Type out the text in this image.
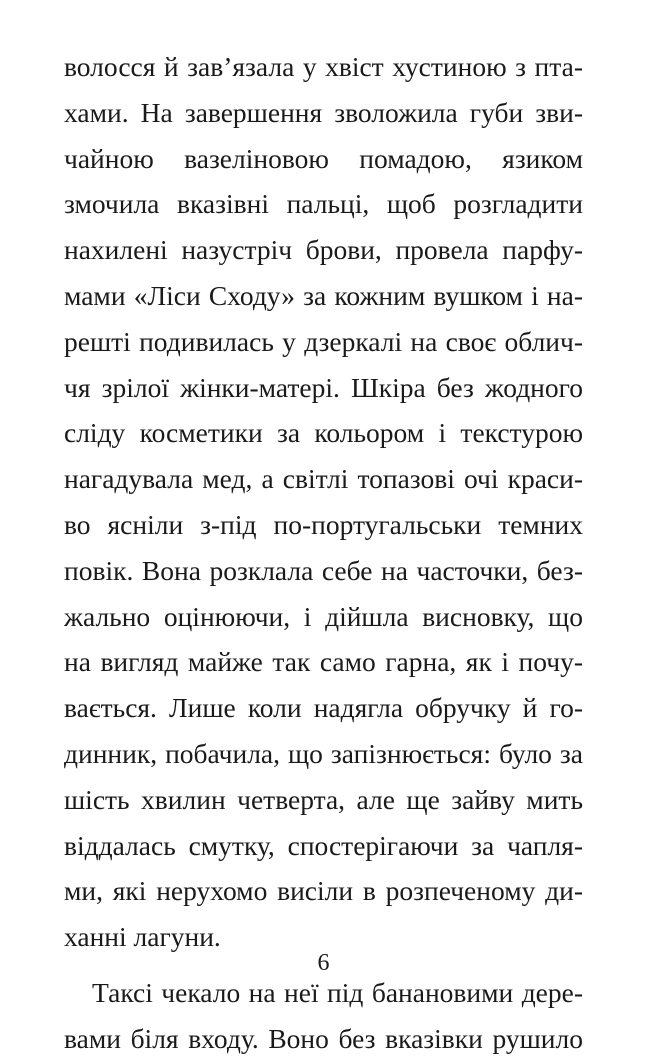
волосся й зав’язала у хвіст хустиною з пта-
хами. На завершення зволожила губи зви-
чайною вазеліновою помадою, язиком
змочила вказівні пальці, щоб розгладити
нахилені назустріч брови, провела парфу-
мами «Ліси Сходу» за кожним вушком і на-
решті подивилась у дзеркалі на своє облич-
чя зрілої жінки-матері. Шкіра без жодного
сліду косметики за кольором і текстурою
нагадувала мед, а світлі топазові очі краси-
во ясніли з-під по-португальськи темних
повік. Вона розклала себе на часточки, без-
жально оцінюючи, і дійшла висновку, що
на вигляд майже так само гарна, як і почу-
вається. Лише коли надягла обручку й го-
динник, побачила, що запізнюється: було за
шість хвилин четверта, але ще зайву мить
віддалась смутку, спостерігаючи за чапля-
ми, які нерухомо висіли в розпеченому ди-
ханні лагуни.
Таксі чекало на неї під банановими дере-
вами біля входу. Воно без вказівки рушило
6
